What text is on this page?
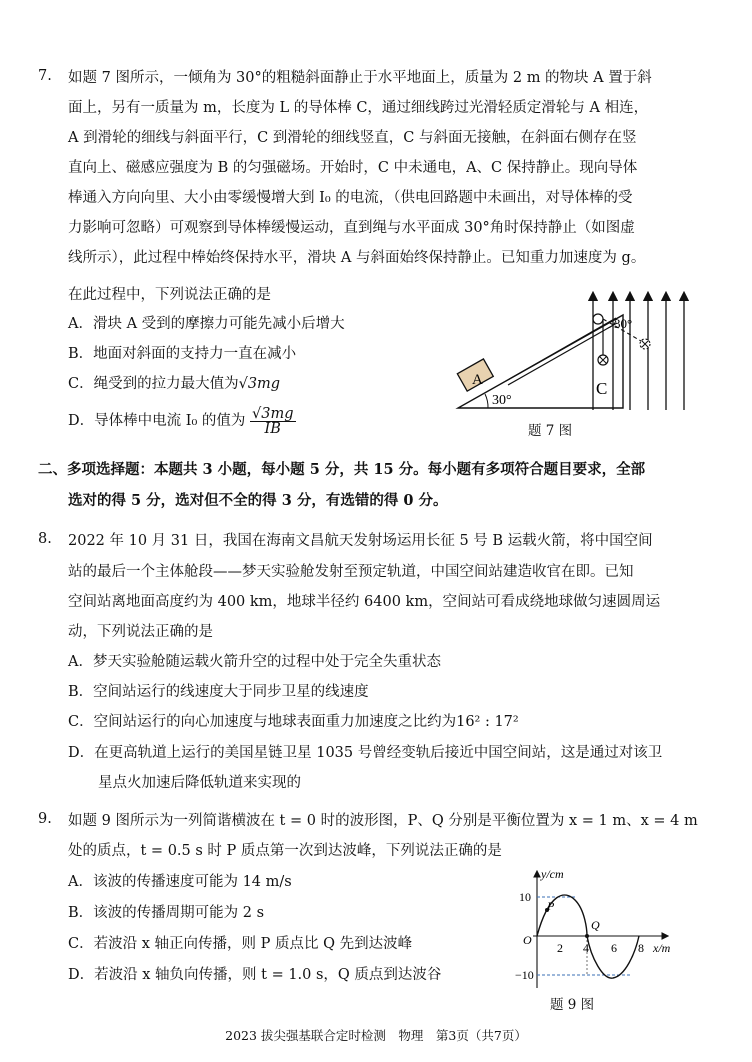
7. 如题 7 图所示，一倾角为 30°的粗糙斜面静止于水平地面上，质量为 2 m 的物块 A 置于斜
面上，另有一质量为 m，长度为 L 的导体棒 C，通过细线跨过光滑轻质定滑轮与 A 相连，
A 到滑轮的细线与斜面平行，C 到滑轮的细线竖直，C 与斜面无接触，在斜面右侧存在竖
直向上、磁感应强度为 B 的匀强磁场。开始时，C 中未通电，A、C 保持静止。现向导体
棒通入方向向里、大小由零缓慢增大到 I₀ 的电流，（供电回路题中未画出，对导体棒的受
力影响可忽略）可观察到导体棒缓慢运动，直到绳与水平面成 30°角时保持静止（如图虚
线所示），此过程中棒始终保持水平，滑块 A 与斜面始终保持静止。已知重力加速度为 g。
在此过程中，下列说法正确的是
A．滑块 A 受到的摩擦力可能先减小后增大
B．地面对斜面的支持力一直在减小
C．绳受到的拉力最大值为√3mg
D．导体棒中电流 I₀ 的值为 $\frac{√3mg}{IB}$
A
30°
C
30°
题 7 图
二、多项选择题：本题共 3 小题，每小题 5 分，共 15 分。每小题有多项符合题目要求，全部
选对的得 5 分，选对但不全的得 3 分，有选错的得 0 分。
8. 2022 年 10 月 31 日，我国在海南文昌航天发射场运用长征 5 号 B 运载火箭，将中国空间
站的最后一个主体舱段——梦天实验舱发射至预定轨道，中国空间站建造收官在即。已知
空间站离地面高度约为 400 km，地球半径约 6400 km，空间站可看成绕地球做匀速圆周运
动，下列说法正确的是
A．梦天实验舱随运载火箭升空的过程中处于完全失重状态
B．空间站运行的线速度大于同步卫星的线速度
C．空间站运行的向心加速度与地球表面重力加速度之比约为16² : 17²
D．在更高轨道上运行的美国星链卫星 1035 号曾经变轨后接近中国空间站，这是通过对该卫
星点火加速后降低轨道来实现的
9. 如题 9 图所示为一列简谐横波在 t = 0 时的波形图，P、Q 分别是平衡位置为 x = 1 m、x = 4 m
处的质点，t = 0.5 s 时 P 质点第一次到达波峰，下列说法正确的是
A．该波的传播速度可能为 14 m/s
B．该波的传播周期可能为 2 s
C．若波沿 x 轴正向传播，则 P 质点比 Q 先到达波峰
D．若波沿 x 轴负向传播，则 t = 1.0 s，Q 质点到达波谷
y/cm
x/m
O
10
−10
2 4 6 8
P
Q
题 9 图
2023 拔尖强基联合定时检测　物理　第3页（共7页）
